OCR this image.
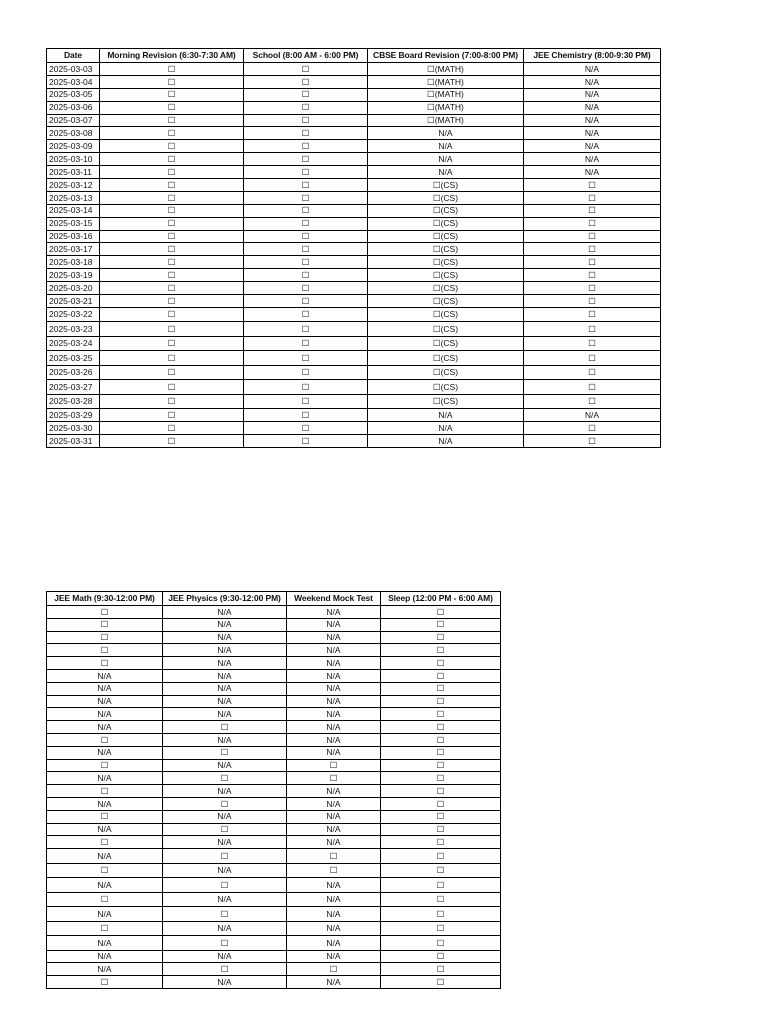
Date	Morning Revision (6:30-7:30 AM)	School (8:00 AM - 6:00 PM)	CBSE Board Revision (7:00-8:00 PM)	JEE Chemistry (8:00-9:30 PM)
2025-03-03	☐	☐	☐(MATH)	N/A
2025-03-04	☐	☐	☐(MATH)	N/A
2025-03-05	☐	☐	☐(MATH)	N/A
2025-03-06	☐	☐	☐(MATH)	N/A
2025-03-07	☐	☐	☐(MATH)	N/A
2025-03-08	☐	☐	N/A	N/A
2025-03-09	☐	☐	N/A	N/A
2025-03-10	☐	☐	N/A	N/A
2025-03-11	☐	☐	N/A	N/A
2025-03-12	☐	☐	☐(CS)	☐
2025-03-13	☐	☐	☐(CS)	☐
2025-03-14	☐	☐	☐(CS)	☐
2025-03-15	☐	☐	☐(CS)	☐
2025-03-16	☐	☐	☐(CS)	☐
2025-03-17	☐	☐	☐(CS)	☐
2025-03-18	☐	☐	☐(CS)	☐
2025-03-19	☐	☐	☐(CS)	☐
2025-03-20	☐	☐	☐(CS)	☐
2025-03-21	☐	☐	☐(CS)	☐
2025-03-22	☐	☐	☐(CS)	☐
2025-03-23	☐	☐	☐(CS)	☐
2025-03-24	☐	☐	☐(CS)	☐
2025-03-25	☐	☐	☐(CS)	☐
2025-03-26	☐	☐	☐(CS)	☐
2025-03-27	☐	☐	☐(CS)	☐
2025-03-28	☐	☐	☐(CS)	☐
2025-03-29	☐	☐	N/A	N/A
2025-03-30	☐	☐	N/A	☐
2025-03-31	☐	☐	N/A	☐
JEE Math (9:30-12:00 PM)	JEE Physics (9:30-12:00 PM)	Weekend Mock Test	Sleep (12:00 PM - 6:00 AM)
☐	N/A	N/A	☐
☐	N/A	N/A	☐
☐	N/A	N/A	☐
☐	N/A	N/A	☐
☐	N/A	N/A	☐
N/A	N/A	N/A	☐
N/A	N/A	N/A	☐
N/A	N/A	N/A	☐
N/A	N/A	N/A	☐
N/A	☐	N/A	☐
☐	N/A	N/A	☐
N/A	☐	N/A	☐
☐	N/A	☐	☐
N/A	☐	☐	☐
☐	N/A	N/A	☐
N/A	☐	N/A	☐
☐	N/A	N/A	☐
N/A	☐	N/A	☐
☐	N/A	N/A	☐
N/A	☐	☐	☐
☐	N/A	☐	☐
N/A	☐	N/A	☐
☐	N/A	N/A	☐
N/A	☐	N/A	☐
☐	N/A	N/A	☐
N/A	☐	N/A	☐
N/A	N/A	N/A	☐
N/A	☐	☐	☐
☐	N/A	N/A	☐
